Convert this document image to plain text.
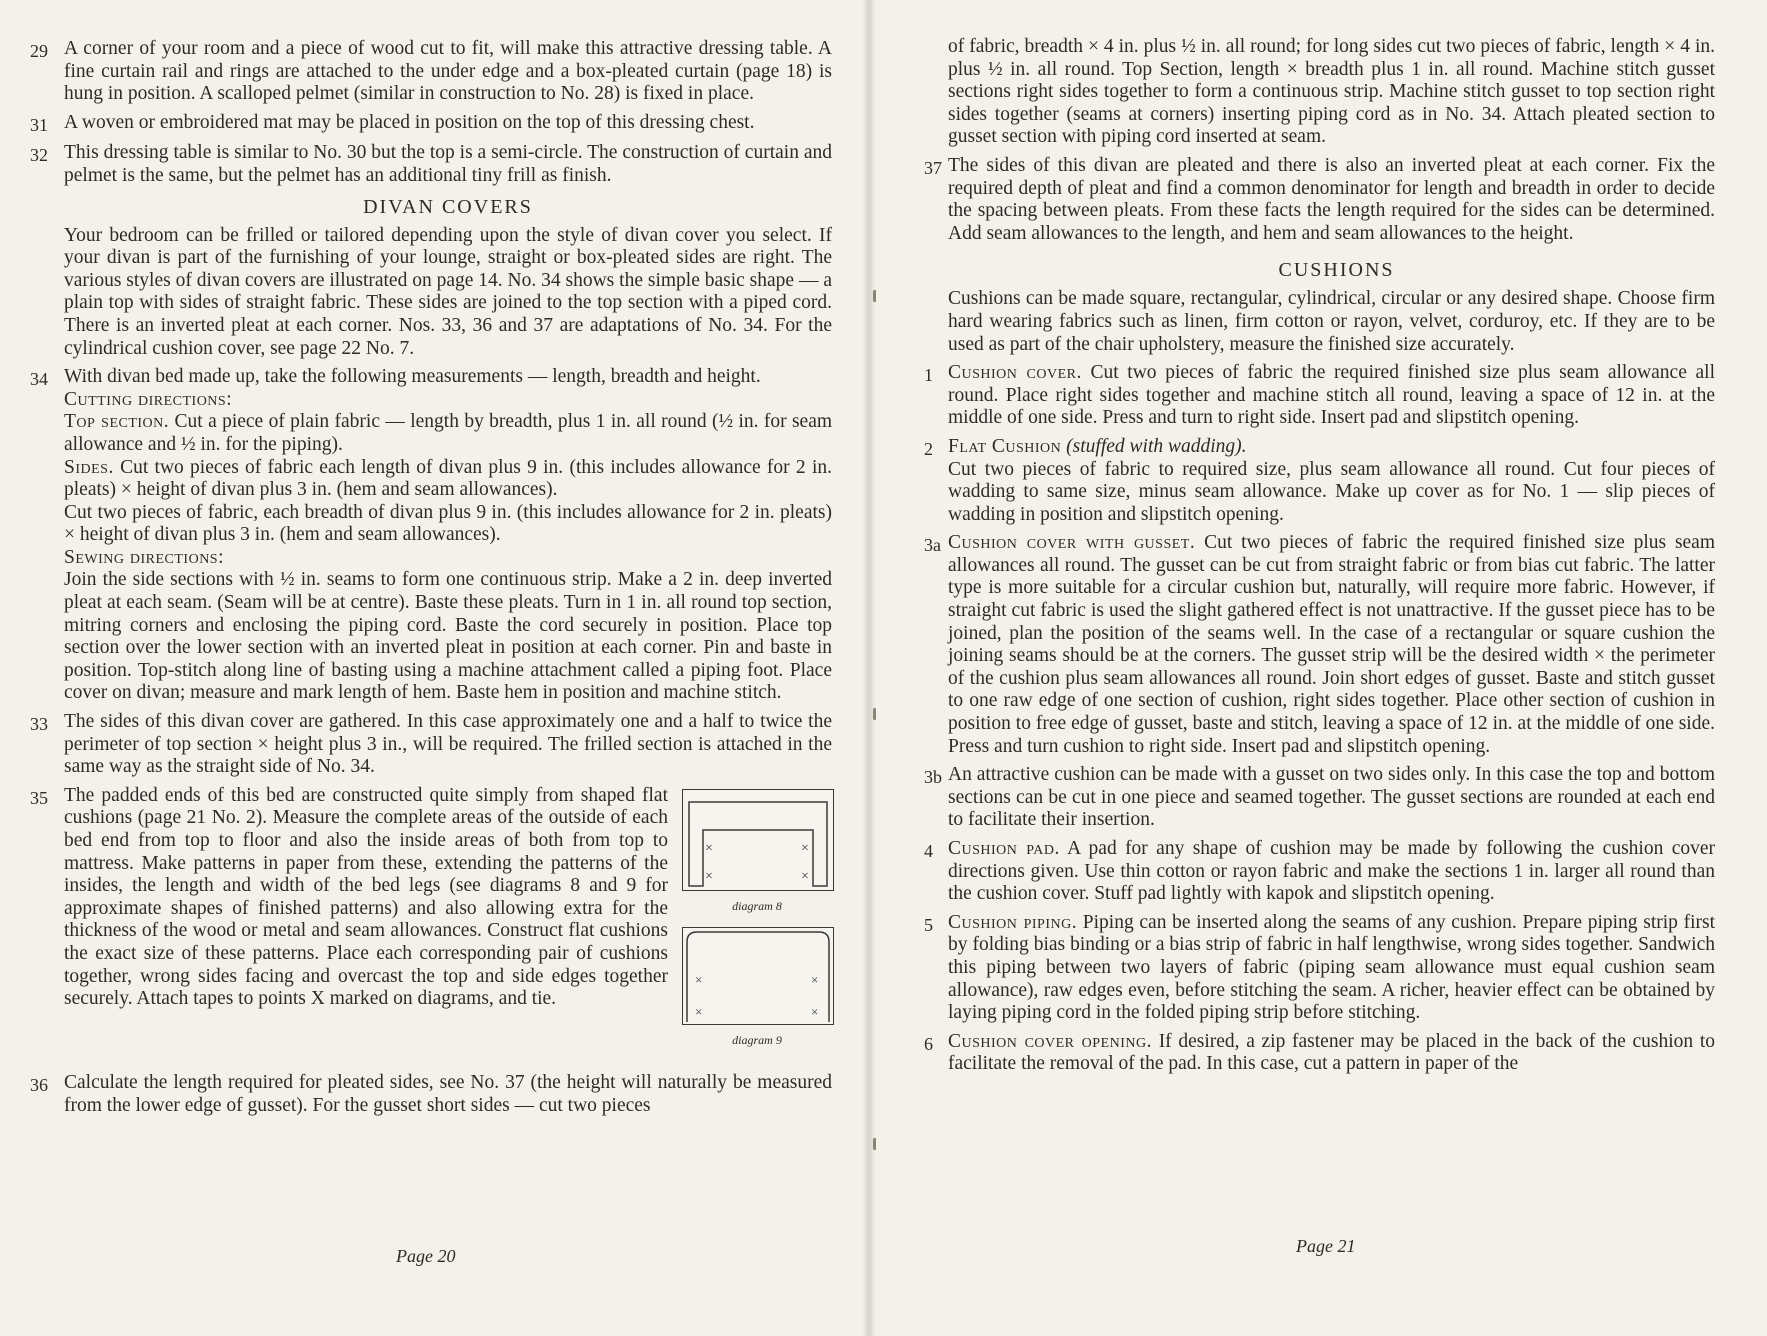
29 A corner of your room and a piece of wood cut to fit, will make this attractive dressing table. A fine curtain rail and rings are attached to the under edge and a box-pleated curtain (page 18) is hung in position. A scalloped pelmet (similar in construction to No. 28) is fixed in place.
31 A woven or embroidered mat may be placed in position on the top of this dressing chest.
32 This dressing table is similar to No. 30 but the top is a semi-circle. The construction of curtain and pelmet is the same, but the pelmet has an additional tiny frill as finish.
DIVAN COVERS

Your bedroom can be frilled or tailored depending upon the style of divan cover you select. If your divan is part of the furnishing of your lounge, straight or box-pleated sides are right. The various styles of divan covers are illustrated on page 14. No. 34 shows the simple basic shape — a plain top with sides of straight fabric. These sides are joined to the top section with a piped cord. There is an inverted pleat at each corner. Nos. 33, 36 and 37 are adaptations of No. 34. For the cylindrical cushion cover, see page 22 No. 7.

34 With divan bed made up, take the following measurements — length, breadth and height.
Cutting directions:
Top section. Cut a piece of plain fabric — length by breadth, plus 1 in. all round (½ in. for seam allowance and ½ in. for the piping).
Sides. Cut two pieces of fabric each length of divan plus 9 in. (this includes allowance for 2 in. pleats) × height of divan plus 3 in. (hem and seam allowances).
Cut two pieces of fabric, each breadth of divan plus 9 in. (this includes allowance for 2 in. pleats) × height of divan plus 3 in. (hem and seam allowances).
Sewing directions:
Join the side sections with ½ in. seams to form one continuous strip. Make a 2 in. deep inverted pleat at each seam. (Seam will be at centre). Baste these pleats. Turn in 1 in. all round top section, mitring corners and enclosing the piping cord. Baste the cord securely in position. Place top section over the lower section with an inverted pleat in position at each corner. Pin and baste in position. Top-stitch along line of basting using a machine attachment called a piping foot. Place cover on divan; measure and mark length of hem. Baste hem in position and machine stitch.
33 The sides of this divan cover are gathered. In this case approximately one and a half to twice the perimeter of top section × height plus 3 in., will be required. The frilled section is attached in the same way as the straight side of No. 34.
35
×
×
×
×
diagram 8
×	×
×	×
diagram 9
The padded ends of this bed are constructed quite simply from shaped flat cushions (page 21 No. 2). Measure the complete areas of the outside of each bed end from top to floor and also the inside areas of both from top to mattress. Make patterns in paper from these, extending the patterns of the insides, the length and width of the bed legs (see diagrams 8 and 9 for approximate shapes of finished patterns) and also allowing extra for the thickness of the wood or metal and seam allowances. Construct flat cushions the exact size of these patterns. Place each corresponding pair of cushions together, wrong sides facing and overcast the top and side edges together securely. Attach tapes to points X marked on diagrams, and tie.
36 Calculate the length required for pleated sides, see No. 37 (the height will naturally be measured from the lower edge of gusset). For the gusset short sides — cut two pieces
Page 20

of fabric, breadth × 4 in. plus ½ in. all round; for long sides cut two pieces of fabric, length × 4 in. plus ½ in. all round. Top Section, length × breadth plus 1 in. all round. Machine stitch gusset sections right sides together to form a continuous strip. Machine stitch gusset to top section right sides together (seams at corners) inserting piping cord as in No. 34. Attach pleated section to gusset section with piping cord inserted at seam.

37 The sides of this divan are pleated and there is also an inverted pleat at each corner. Fix the required depth of pleat and find a common denominator for length and breadth in order to decide the spacing between pleats. From these facts the length required for the sides can be determined. Add seam allowances to the length, and hem and seam allowances to the height.
CUSHIONS

Cushions can be made square, rectangular, cylindrical, circular or any desired shape. Choose firm hard wearing fabrics such as linen, firm cotton or rayon, velvet, corduroy, etc. If they are to be used as part of the chair upholstery, measure the finished size accurately.

1 Cushion cover. Cut two pieces of fabric the required finished size plus seam allowance all round. Place right sides together and machine stitch all round, leaving a space of 12 in. at the middle of one side. Press and turn to right side. Insert pad and slipstitch opening.
2 Flat Cushion (stuffed with wadding).
Cut two pieces of fabric to required size, plus seam allowance all round. Cut four pieces of wadding to same size, minus seam allowance. Make up cover as for No. 1 — slip pieces of wadding in position and slipstitch opening.
3a Cushion cover with gusset. Cut two pieces of fabric the required finished size plus seam allowances all round. The gusset can be cut from straight fabric or from bias cut fabric. The latter type is more suitable for a circular cushion but, naturally, will require more fabric. However, if straight cut fabric is used the slight gathered effect is not unattractive. If the gusset piece has to be joined, plan the position of the seams well. In the case of a rectangular or square cushion the joining seams should be at the corners. The gusset strip will be the desired width × the perimeter of the cushion plus seam allowances all round. Join short edges of gusset. Baste and stitch gusset to one raw edge of one section of cushion, right sides together. Place other section of cushion in position to free edge of gusset, baste and stitch, leaving a space of 12 in. at the middle of one side. Press and turn cushion to right side. Insert pad and slipstitch opening.
3b An attractive cushion can be made with a gusset on two sides only. In this case the top and bottom sections can be cut in one piece and seamed together. The gusset sections are rounded at each end to facilitate their insertion.
4 Cushion pad. A pad for any shape of cushion may be made by following the cushion cover directions given. Use thin cotton or rayon fabric and make the sections 1 in. larger all round than the cushion cover. Stuff pad lightly with kapok and slipstitch opening.
5 Cushion piping. Piping can be inserted along the seams of any cushion. Prepare piping strip first by folding bias binding or a bias strip of fabric in half lengthwise, wrong sides together. Sandwich this piping between two layers of fabric (piping seam allowance must equal cushion seam allowance), raw edges even, before stitching the seam. A richer, heavier effect can be obtained by laying piping cord in the folded piping strip before stitching.
6 Cushion cover opening. If desired, a zip fastener may be placed in the back of the cushion to facilitate the removal of the pad. In this case, cut a pattern in paper of the
Page 21
